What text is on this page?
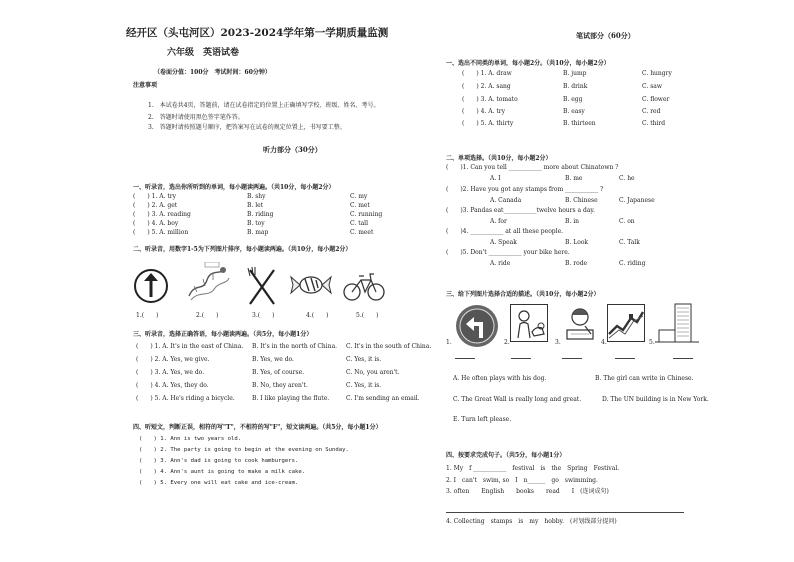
经开区（头屯河区）2023-2024学年第一学期质量监测
六年级　英语试卷
（卷面分值：100分　考试时间：60分钟）
注意事项
1.　本试卷共4页，答题前，请在试卷指定的位置上正确填写学校、班级、姓名、考号。
2.　答题时请使用黑色签字笔作答。
3.　答题时请按照题号顺序，把答案写在试卷的规定位置上，书写要工整。
听力部分（30分）
一、听录音，选出你所听到的单词，每小题读两遍。（共10分，每小题2分）
(　　) 1. A. try	B. shy	C. my
(　　) 2. A. get	B. let	C. met
(　　) 3. A. reading	B. riding	C. running
(　　) 4. A. boy	B. toy	C. tall
(　　) 5. A. million	B. map	C. meet
二、听录音，用数字1-5为下列图片排序，每小题读两遍。（共10分，每小题2分）
1.(　　)	2.(　　)	3.(　　)	4.(　　)	5.(　　)
三、听录音，选择正确答语，每小题读两遍。（共5分，每小题1分）
(　　) 1. A. It's in the east of China. B. It's in the north of China. C. It's in the south of China.
(　　) 2. A. Yes, we give.	B. Yes, we do.	C. Yes, it is.
(　　) 3. A. Yes, we do.	B. Yes, of course.	C. No, you aren't.
(　　) 4. A. Yes, they do.	B. No, they aren't.	C. Yes, it is.
(　　) 5. A. He's riding a bicycle.	B. I like playing the flute.	C. I'm sending an email.
四、听短文，判断正误，相符的写"T"，不相符的写"F"，短文读两遍。（共5分，每小题1分）
(　　) 1. Ann is two years old.
(　　) 2. The party is going to begin at the evening on Sunday.
(　　) 3. Ann's dad is going to cook hamburgers.
(　　) 4. Ann's aunt is going to make a milk cake.
(　　) 5. Every one will eat cake and ice-cream.
笔试部分（60分）
一、选出不同类的单词，每小题2分。（共10分，每小题2分）
(　　) 1. A. draw	B. jump	C. hungry
(　　) 2. A. sang	B. drink	C. saw
(　　) 3. A. tomato	B. egg	C. flower
(　　) 4. A. try	B. easy	C. red
(　　) 5. A. thirty	B. thirteen	C. third
二、单项选择。（共10分，每小题2分）
(　　)1. Can you tell ___________ more about Chinatown ?
A. I	B. me	C. he
(　　)2. Have you got any stamps from ___________ ?
A. Canada	B. Chinese	C. Japanese
(　　)3. Pandas eat___________twelve hours a day.
A. for	B. in	C. on
(　　)4. ___________ at all these people.
A. Speak	B. Look	C. Talk
(　　)5. Don't ___________ your bike here.
A. ride	B. rode	C. riding
三、给下列图片选择合适的描述。（共10分，每小题2分）
1.	2.	3.	4.	5.
A. He often plays with his dog.	B. The girl can write in Chinese.
C. The Great Wall is really long and great.	D. The UN building is in New York.
E. Turn left please.
四、按要求完成句子。（共5分，每小题1分）
1. My　f ___________　festival　is　the　Spring　Festival.
2. I　can't　swim, so　I　n______　go　swimming.
3. often　　English　　books　　read　　I　(连词成句)
4. Collecting　stamps　is　my　hobby.　(对划线部分提问)
